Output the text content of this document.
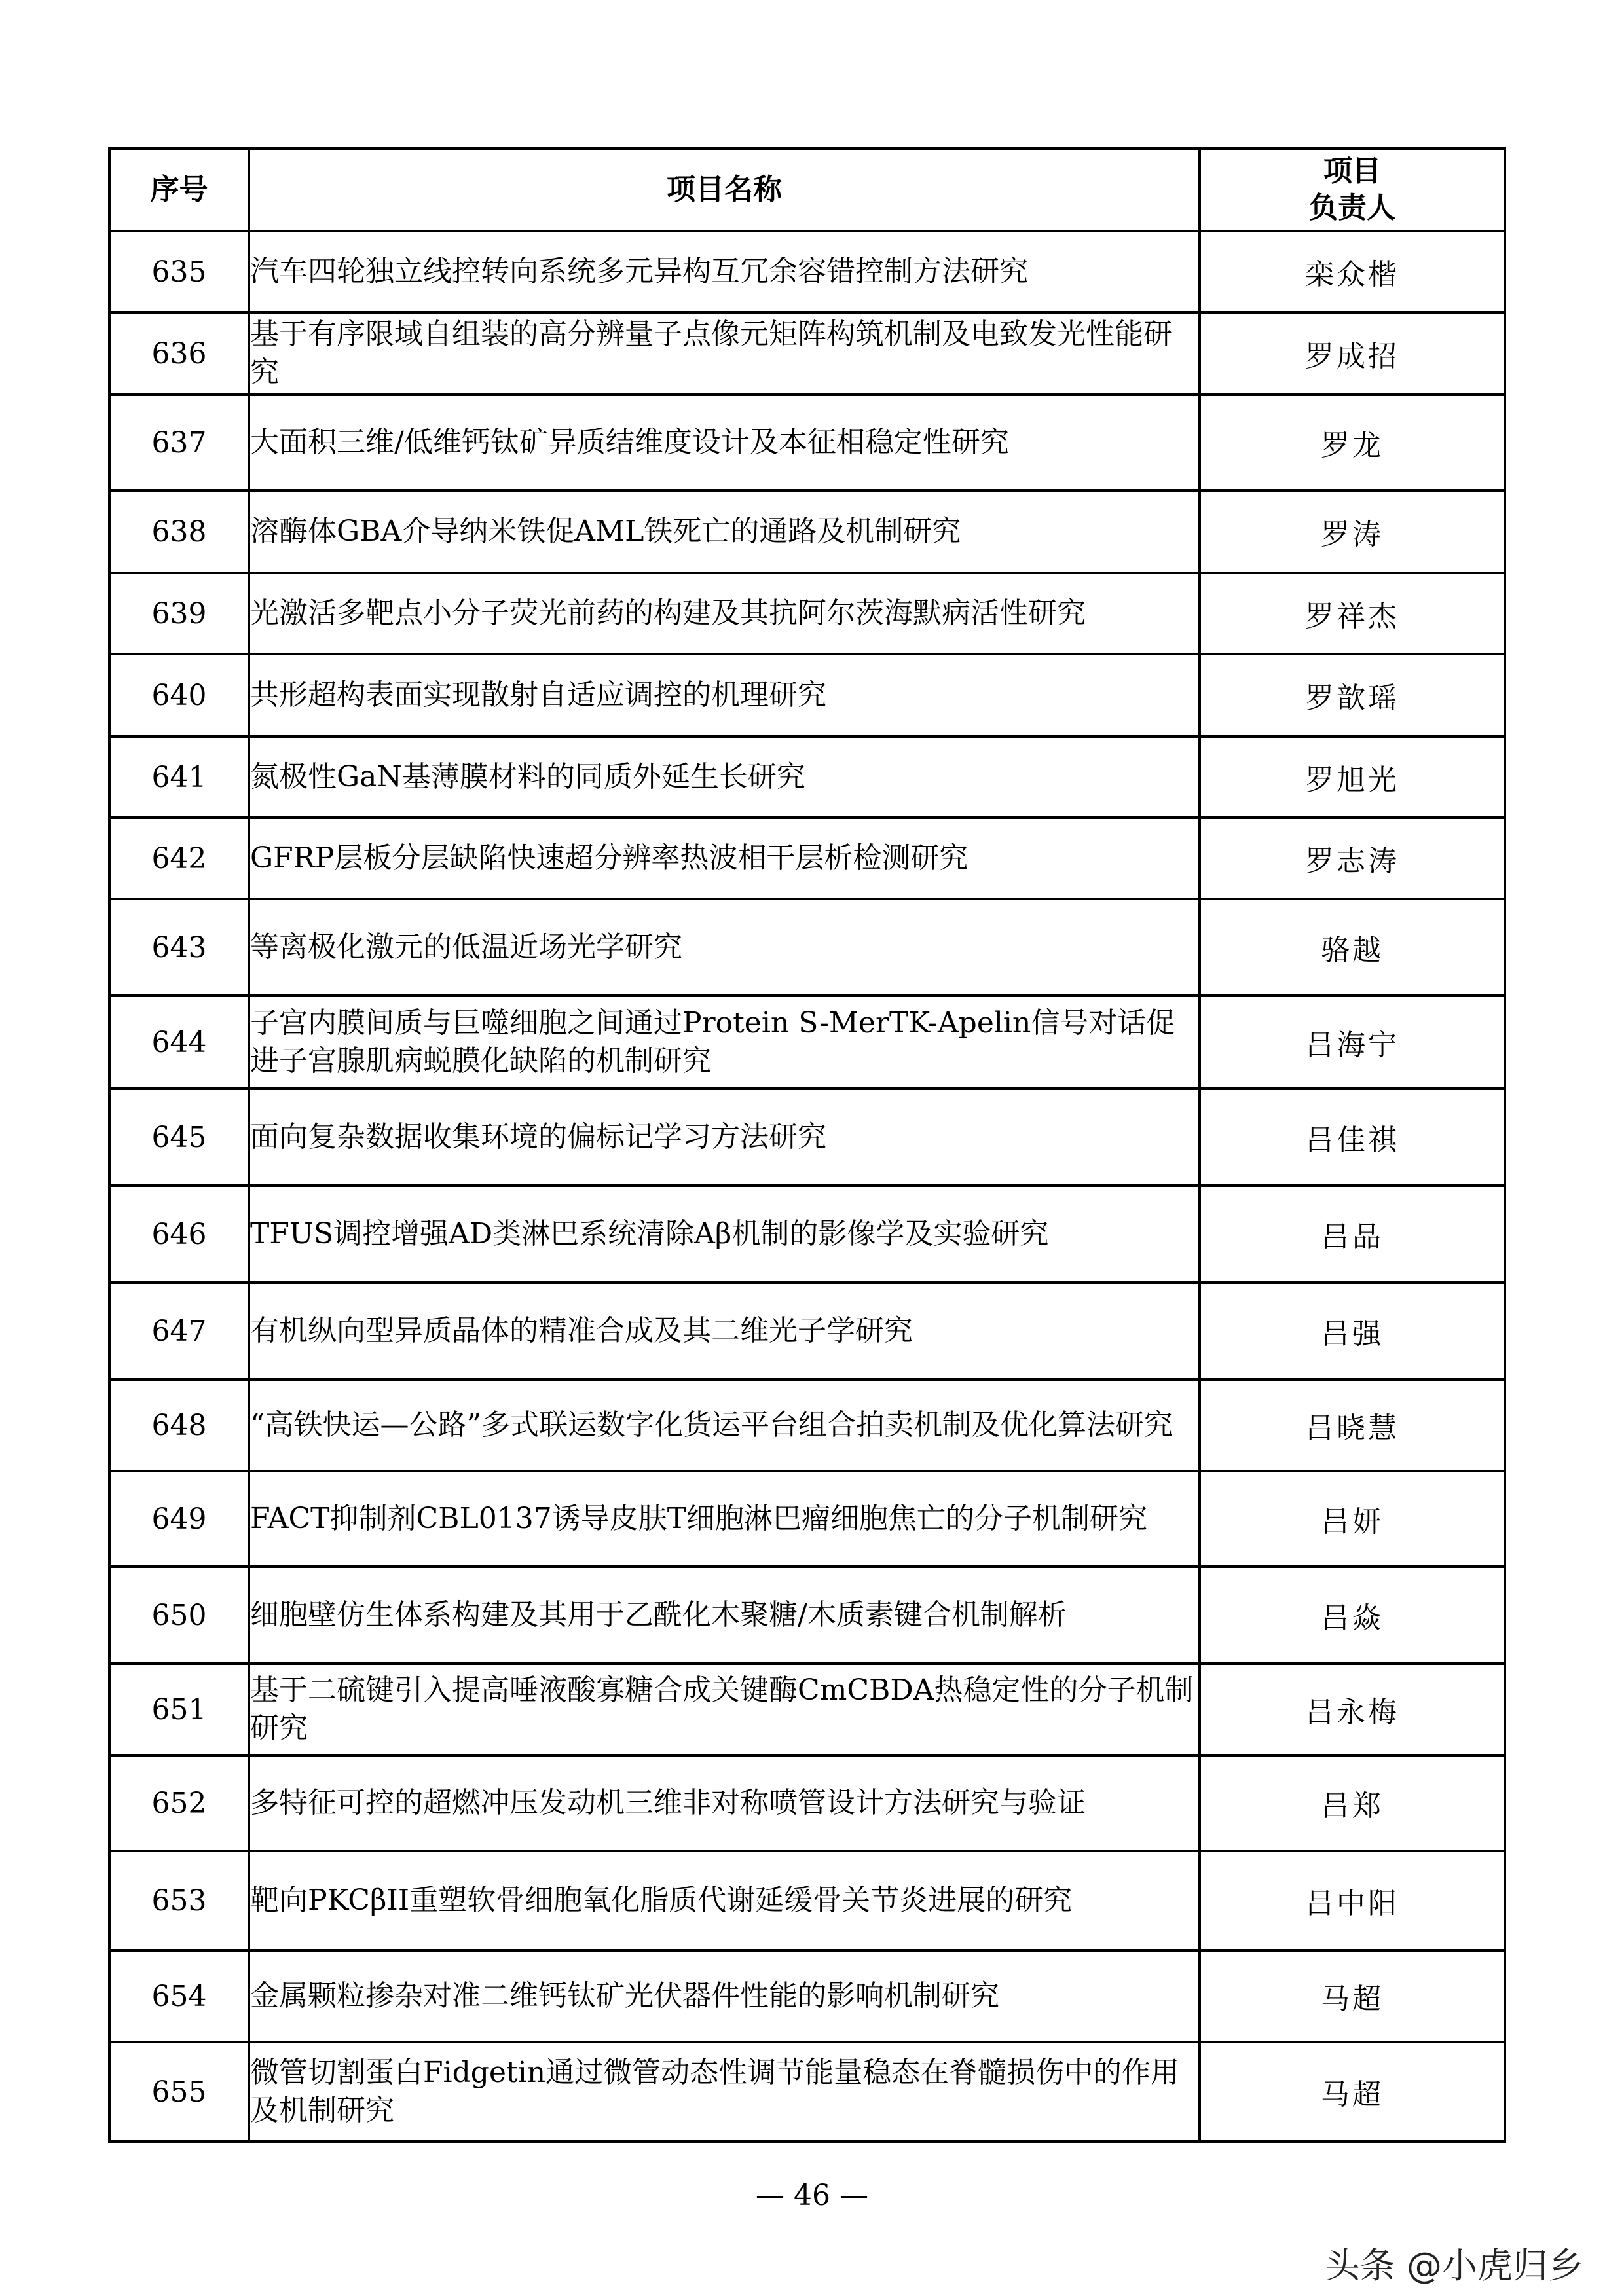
序号	项目名称	项目
负责人

635	汽车四轮独立线控转向系统多元异构互冗余容错控制方法研究	栾众楷
636	基于有序限域自组装的高分辨量子点像元矩阵构筑机制及电致发光性能研究	罗成招
637	大面积三维/低维钙钛矿异质结维度设计及本征相稳定性研究	罗龙
638	溶酶体GBA介导纳米铁促AML铁死亡的通路及机制研究	罗涛
639	光激活多靶点小分子荧光前药的构建及其抗阿尔茨海默病活性研究	罗祥杰
640	共形超构表面实现散射自适应调控的机理研究	罗歆瑶
641	氮极性GaN基薄膜材料的同质外延生长研究	罗旭光
642	GFRP层板分层缺陷快速超分辨率热波相干层析检测研究	罗志涛
643	等离极化激元的低温近场光学研究	骆越
644	子宫内膜间质与巨噬细胞之间通过Protein S-MerTK-Apelin信号对话促进子宫腺肌病蜕膜化缺陷的机制研究	吕海宁
645	面向复杂数据收集环境的偏标记学习方法研究	吕佳祺
646	TFUS调控增强AD类淋巴系统清除Aβ机制的影像学及实验研究	吕品
647	有机纵向型异质晶体的精准合成及其二维光子学研究	吕强
648	“高铁快运—公路”多式联运数字化货运平台组合拍卖机制及优化算法研究	吕晓慧
649	FACT抑制剂CBL0137诱导皮肤T细胞淋巴瘤细胞焦亡的分子机制研究	吕妍
650	细胞壁仿生体系构建及其用于乙酰化木聚糖/木质素键合机制解析	吕焱
651	基于二硫键引入提高唾液酸寡糖合成关键酶CmCBDA热稳定性的分子机制研究	吕永梅
652	多特征可控的超燃冲压发动机三维非对称喷管设计方法研究与验证	吕郑
653	靶向PKCβII重塑软骨细胞氧化脂质代谢延缓骨关节炎进展的研究	吕中阳
654	金属颗粒掺杂对准二维钙钛矿光伏器件性能的影响机制研究	马超
655	微管切割蛋白Fidgetin通过微管动态性调节能量稳态在脊髓损伤中的作用及机制研究	马超
— 46 —
头条 @小虎归乡
